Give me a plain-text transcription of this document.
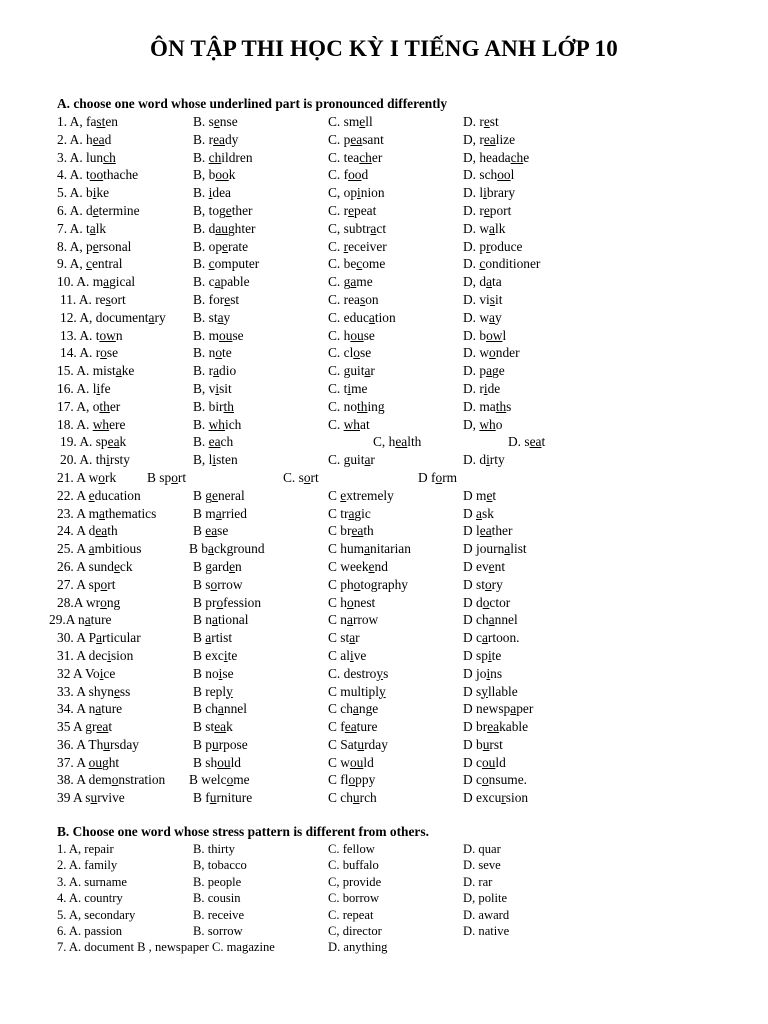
ÔN TẬP THI HỌC KỲ I TIẾNG ANH LỚP 10
A. choose one word whose underlined part is pronounced differently
1. A, fasten	B. sense	C. smell	D. rest
2. A. head	B. ready	C. peasant	D, realize
3. A. lunch	B. children	C. teacher	D, headache
4. A. toothache	B, book	C. food	D. school
5. A. bike	B. idea	C, opinion	D. library
6. A. determine	B, together	C. repeat	D. report
7. A. talk	B. daughter	C, subtract	D. walk
8. A, personal	B. operate	C. receiver	D. produce
9. A, central	B. computer	C. become	D. conditioner
10. A. magical	B. capable	C. game	D, data
11. A. resort	B. forest	C. reason	D. visit
12. A, documentary B. stay	C. education	D. way
13. A. town	B. mouse	C. house	D. bowl
14. A. rose	B. note	C. close	D. wonder
15. A. mistake	B. radio	C. guitar	D. page
16. A. life	B, visit	C. time	D. ride
17. A, other	B. birth	C. nothing	D. maths
18. A. where	B. which	C. what	D, who
19. A. speak	B. each	C, health	D. seat
20. A. thirsty	B, listen	C. guitar	D. dirty
21. A work B sport	C. sort	D form
22. A education	B general	C extremely	D met
23. A mathematics	B married	C tragic	D ask
24. A death	B ease	C breath	D leather
25. A ambitious	B background	C humanitarian	D journalist
26. A sundeck	B garden	C weekend	D event
27. A sport	B sorrow	C photography	D story
28.A wrong	B profession	C honest	D doctor
29.A nature	B national	C narrow	D channel
30. A Particular	B artist	C star	D cartoon.
31. A decision	B excite	C alive	D spite
32 A Voice	B noise	C. destroys	D joins
33. A shyness	B reply	C multiply	D syllable
34. A nature	B channel	C change	D newspaper
35 A great	B steak	C feature	D breakable
36. A Thursday	B purpose	C Saturday	D burst
37. A ought	B should	C would	D could
38. A demonstration B welcome	C floppy	D consume.
39 A survive	B furniture	C church	D excursion
B. Choose one word whose stress pattern is different from others.
1. A, repair	B. thirty	C. fellow	D. quar
2. A. family	B, tobacco	C. buffalo	D. seve
3. A. surname	B. people	C, provide	D. rar
4. A. country	B. cousin	C. borrow	D, polite
5. A, secondary	B. receive	C. repeat	D. award
6. A. passion	B. sorrow	C, director	D. native
7. A. document B , newspaper C. magazine	D. anything
